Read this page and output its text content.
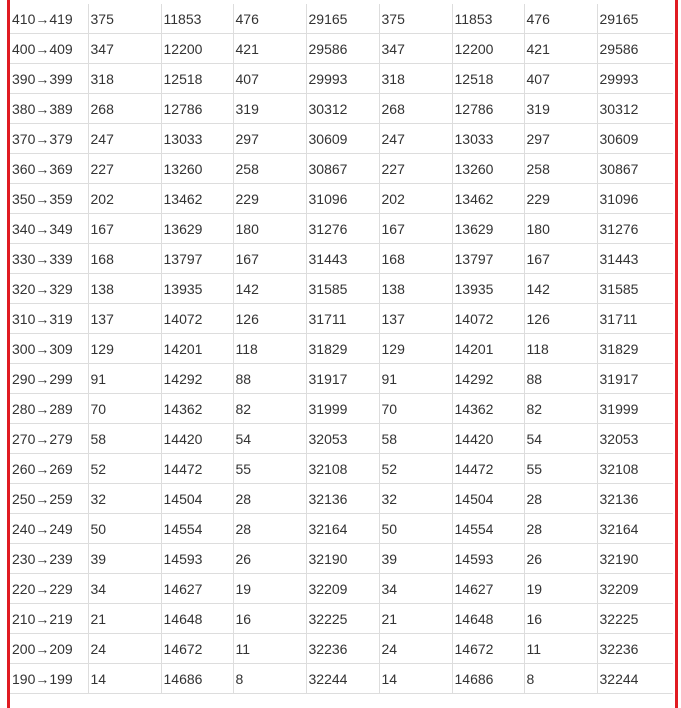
410→419	375	11853	476	29165	375	11853	476	29165
400→409	347	12200	421	29586	347	12200	421	29586
390→399	318	12518	407	29993	318	12518	407	29993
380→389	268	12786	319	30312	268	12786	319	30312
370→379	247	13033	297	30609	247	13033	297	30609
360→369	227	13260	258	30867	227	13260	258	30867
350→359	202	13462	229	31096	202	13462	229	31096
340→349	167	13629	180	31276	167	13629	180	31276
330→339	168	13797	167	31443	168	13797	167	31443
320→329	138	13935	142	31585	138	13935	142	31585
310→319	137	14072	126	31711	137	14072	126	31711
300→309	129	14201	118	31829	129	14201	118	31829
290→299	91	14292	88	31917	91	14292	88	31917
280→289	70	14362	82	31999	70	14362	82	31999
270→279	58	14420	54	32053	58	14420	54	32053
260→269	52	14472	55	32108	52	14472	55	32108
250→259	32	14504	28	32136	32	14504	28	32136
240→249	50	14554	28	32164	50	14554	28	32164
230→239	39	14593	26	32190	39	14593	26	32190
220→229	34	14627	19	32209	34	14627	19	32209
210→219	21	14648	16	32225	21	14648	16	32225
200→209	24	14672	11	32236	24	14672	11	32236
190→199	14	14686	8	32244	14	14686	8	32244
